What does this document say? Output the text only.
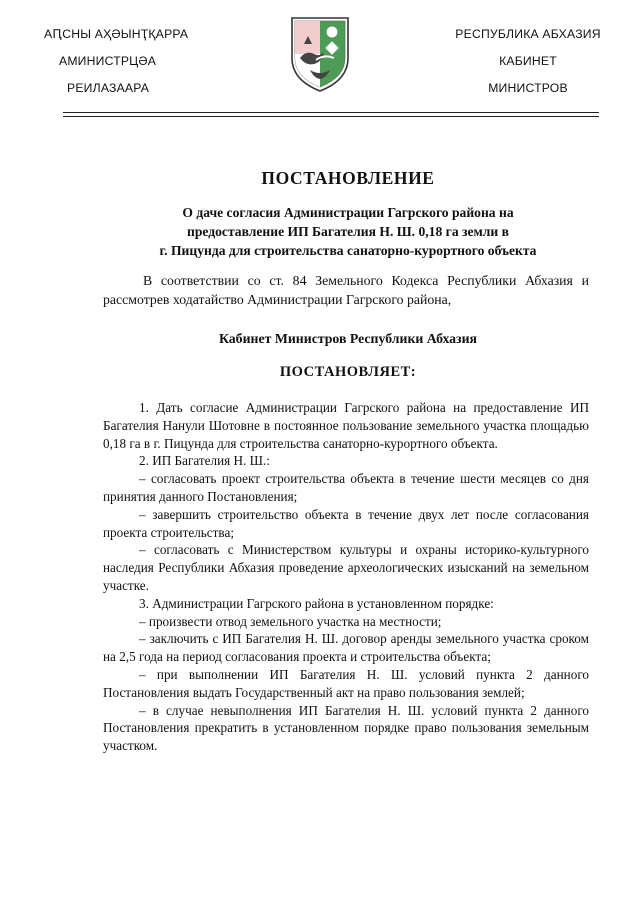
АԤСНЫ АҲӘЫНҬҚАРРА
АМИНИСТРЦӘА
РЕИЛАЗААРА
РЕСПУБЛИКА АБХАЗИЯ
КАБИНЕТ
МИНИСТРОВ
ПОСТАНОВЛЕНИЕ
О даче согласия Администрации Гагрского района на
предоставление ИП Багателия Н. Ш. 0,18 га земли в
г. Пицунда для строительства санаторно-курортного объекта

В соответствии со ст. 84 Земельного Кодекса Республики Абхазия и рассмотрев ходатайство Администрации Гагрского района,

Кабинет Министров Республики Абхазия
ПОСТАНОВЛЯЕТ:

1. Дать согласие Администрации Гагрского района на предоставление ИП Багателия Нанули Шотовне в постоянное пользование земельного участка площадью 0,18 га в г. Пицунда для строительства санаторно-курортного объекта.

2. ИП Багателия Н. Ш.:

– согласовать проект строительства объекта в течение шести месяцев со дня принятия данного Постановления;

– завершить строительство объекта в течение двух лет после согласования проекта строительства;

– согласовать с Министерством культуры и охраны историко-культурного наследия Республики Абхазия проведение археологических изысканий на земельном участке.

3. Администрации Гагрского района в установленном порядке:

– произвести отвод земельного участка на местности;

– заключить с ИП Багателия Н. Ш. договор аренды земельного участка сроком на 2,5 года на период согласования проекта и строительства объекта;

– при выполнении ИП Багателия Н. Ш. условий пункта 2 данного Постановления выдать Государственный акт на право пользования землей;

– в случае невыполнения ИП Багателия Н. Ш. условий пункта 2 данного Постановления прекратить в установленном порядке право пользования земельным участком.
